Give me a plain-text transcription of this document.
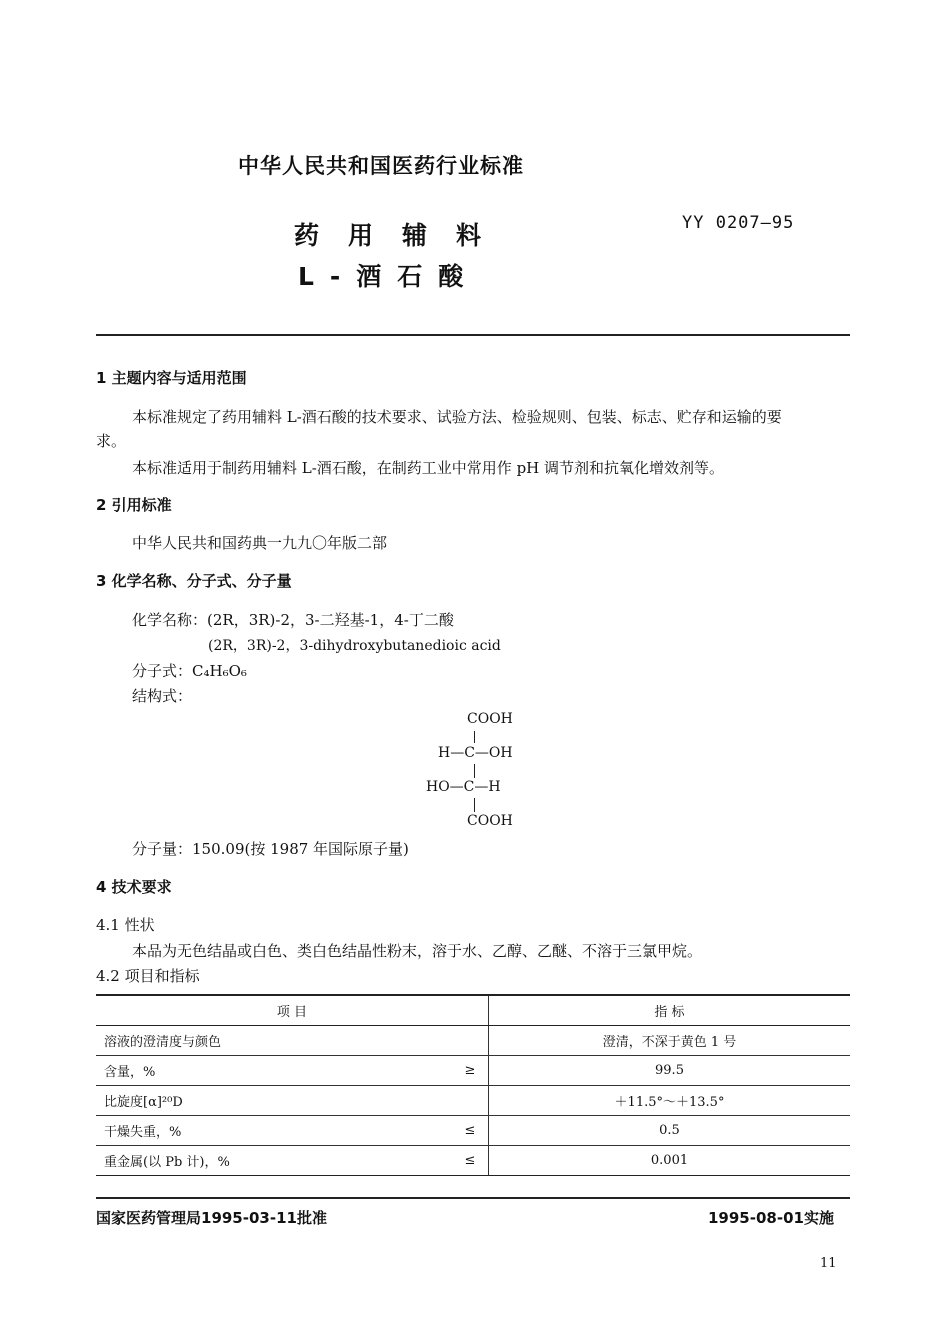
中华人民共和国医药行业标准
YY 0207—95
药用辅料
L-酒石酸
1 主题内容与适用范围
本标准规定了药用辅料 L-酒石酸的技术要求、试验方法、检验规则、包装、标志、贮存和运输的要
求。
本标准适用于制药用辅料 L-酒石酸，在制药工业中常用作 pH 调节剂和抗氧化增效剂等。
2 引用标准
中华人民共和国药典一九九〇年版二部
3 化学名称、分子式、分子量
化学名称：(2R，3R)-2，3-二羟基-1，4-丁二酸
(2R，3R)-2，3-dihydroxybutanedioic acid
分子式：C₄H₆O₆
结构式：
COOH
H—C—OH
HO—C—H
COOH
分子量：150.09(按 1987 年国际原子量)
4 技术要求
4.1 性状
本品为无色结晶或白色、类白色结晶性粉末，溶于水、乙醇、乙醚、不溶于三氯甲烷。
4.2 项目和指标
项 目		指 标
溶液的澄清度与颜色		澄清，不深于黄色 1 号
含量，%	≥	99.5
比旋度[α]²⁰D		＋11.5°～＋13.5°
干燥失重，%	≤	0.5
重金属(以 Pb 计)，%	≤	0.001
国家医药管理局1995-03-11批准	1995-08-01实施
11
